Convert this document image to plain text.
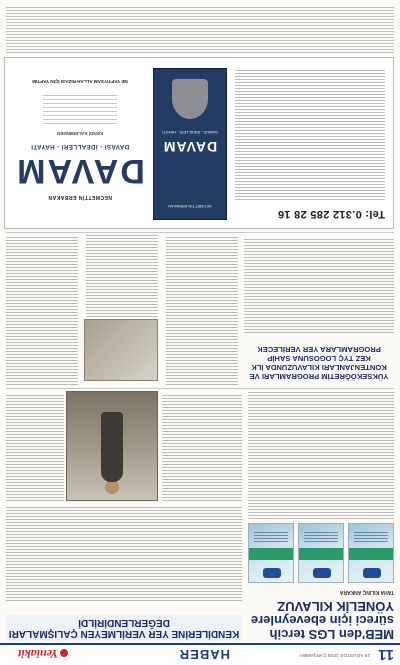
11
29 AĞUSTOS 2018 ÇARŞAMBA
HABER
Yeniakit
MEB'den LGS tercih süreci için ebeveynlere YÖNELİK KILAVUZ

TAHA KILINÇ ANKARA

KENDİLERİNE YER VERİLMEYEN ÇALIŞMALARI DEĞERLENDİRİLDİ
YÜKSEKÖĞRETİM PROGRAMLARI VE KONTENJANLARI KILAVUZUNDA İLK KEZ TYÇ LOGOSUNA SAHİP PROGRAMLARA YER VERİLECEK

Tel: 0.312 285 28 16

NECMETTİN ERBAKAN
DAVAM
DAVASI - İDEALLERİ - HAYATI

NECMETTİN ERBAKAN

DAVAM

DAVASI - İDEALLERİ - HAYATI

KENDİ KALEMİNDEN

NE YAPTIYSAM ALLAH RIZASI İÇİN YAPTIM
